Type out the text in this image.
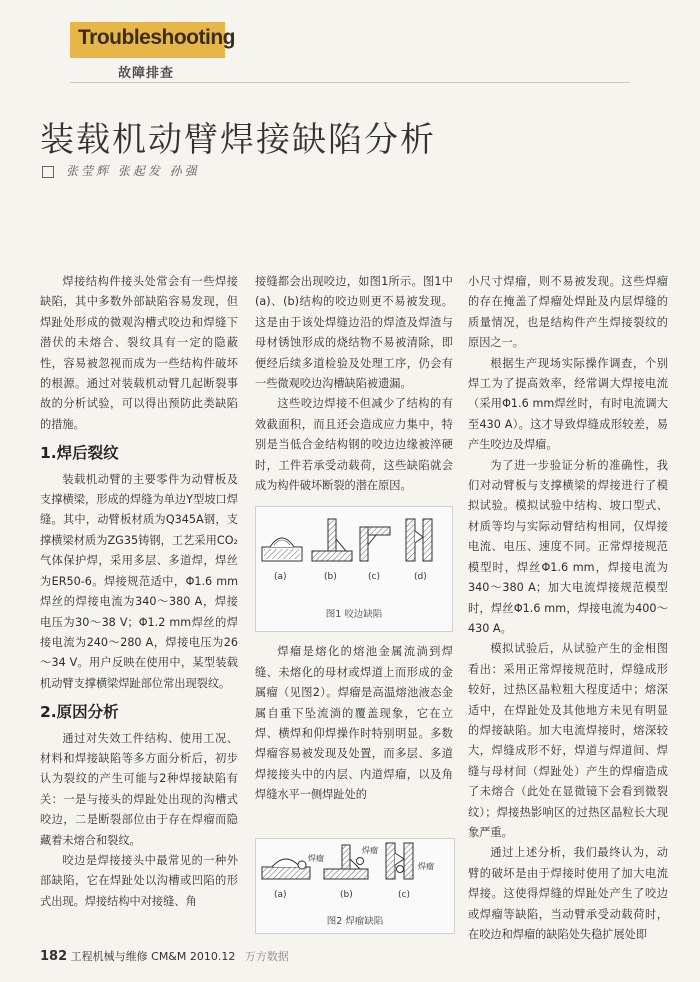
Troubleshooting
故障排查
装载机动臂焊接缺陷分析
张莹辉 张起发 孙强

焊接结构件接头处常会有一些焊接缺陷，其中多数外部缺陷容易发现，但焊趾处形成的微观沟槽式咬边和焊缝下潜伏的未熔合、裂纹具有一定的隐蔽性，容易被忽视而成为一些结构件破坏的根源。通过对装载机动臂几起断裂事故的分析试验，可以得出预防此类缺陷的措施。

1.焊后裂纹

装载机动臂的主要零件为动臂板及支撑横梁，形成的焊缝为单边Y型坡口焊缝。其中，动臂板材质为Q345A钢，支撑横梁材质为ZG35铸钢，工艺采用CO₂气体保护焊，采用多层、多道焊，焊丝为ER50-6。焊接规范适中，Φ1.6 mm焊丝的焊接电流为340～380 A，焊接电压为30～38 V；Φ1.2 mm焊丝的焊接电流为240～280 A，焊接电压为26～34 V。用户反映在使用中，某型装载机动臂支撑横梁焊趾部位常出现裂纹。

2.原因分析

通过对失效工件结构、使用工况、材料和焊接缺陷等多方面分析后，初步认为裂纹的产生可能与2种焊接缺陷有关：一是与接头的焊趾处出现的沟槽式咬边，二是断裂部位由于存在焊瘤而隐藏着未熔合和裂纹。

咬边是焊接接头中最常见的一种外部缺陷，它在焊趾处以沟槽或凹陷的形式出现。焊接结构中对接缝、角

接缝都会出现咬边，如图1所示。图1中(a)、(b)结构的咬边则更不易被发现。这是由于该处焊缝边沿的焊渣及焊渣与母材锈蚀形成的烧结物不易被清除，即便经后续多道检验及处理工序，仍会有一些微观咬边沟槽缺陷被遗漏。

这些咬边焊接不但减少了结构的有效截面积，而且还会造成应力集中，特别是当低合金结构钢的咬边边缘被淬硬时，工件若承受动载荷，这些缺陷就会成为构件破坏断裂的潜在原因。

(a)	(b)	(c)	(d)
图1 咬边缺陷

焊瘤是熔化的熔池金属流淌到焊缝、未熔化的母材或焊道上而形成的金属瘤（见图2）。焊瘤是高温熔池液态金属自重下坠流淌的覆盖现象，它在立焊、横焊和仰焊操作时特别明显。多数焊瘤容易被发现及处置，而多层、多道焊接接头中的内层、内道焊瘤，以及角焊缝水平一侧焊趾处的

(a)	(b)	(c)
焊瘤
焊瘤
焊瘤
图2 焊瘤缺陷

小尺寸焊瘤，则不易被发现。这些焊瘤的存在掩盖了焊瘤处焊趾及内层焊缝的质量情况，也是结构件产生焊接裂纹的原因之一。

根据生产现场实际操作调查，个别焊工为了提高效率，经常调大焊接电流（采用Φ1.6 mm焊丝时，有时电流调大至430 A）。这才导致焊缝成形较差，易产生咬边及焊瘤。

为了进一步验证分析的准确性，我们对动臂板与支撑横梁的焊接进行了模拟试验。模拟试验中结构、坡口型式、材质等均与实际动臂结构相同，仅焊接电流、电压、速度不同。正常焊接规范模型时，焊丝Φ1.6 mm，焊接电流为340～380 A；加大电流焊接规范模型时，焊丝Φ1.6 mm，焊接电流为400～430 A。

模拟试验后，从试验产生的金相图看出：采用正常焊接规范时，焊缝成形较好，过热区晶粒粗大程度适中；熔深适中，在焊趾处及其他地方未见有明显的焊接缺陷。加大电流焊接时，熔深较大，焊缝成形不好，焊道与焊道间、焊缝与母材间（焊趾处）产生的焊瘤造成了未熔合（此处在显微镜下会看到微裂纹）；焊接热影响区的过热区晶粒长大现象严重。

通过上述分析，我们最终认为，动臂的破坏是由于焊接时使用了加大电流焊接。这使得焊缝的焊趾处产生了咬边或焊瘤等缺陷，当动臂承受动载荷时，在咬边和焊瘤的缺陷处失稳扩展处即

182 工程机械与维修 CM&M 2010.12 万方数据
